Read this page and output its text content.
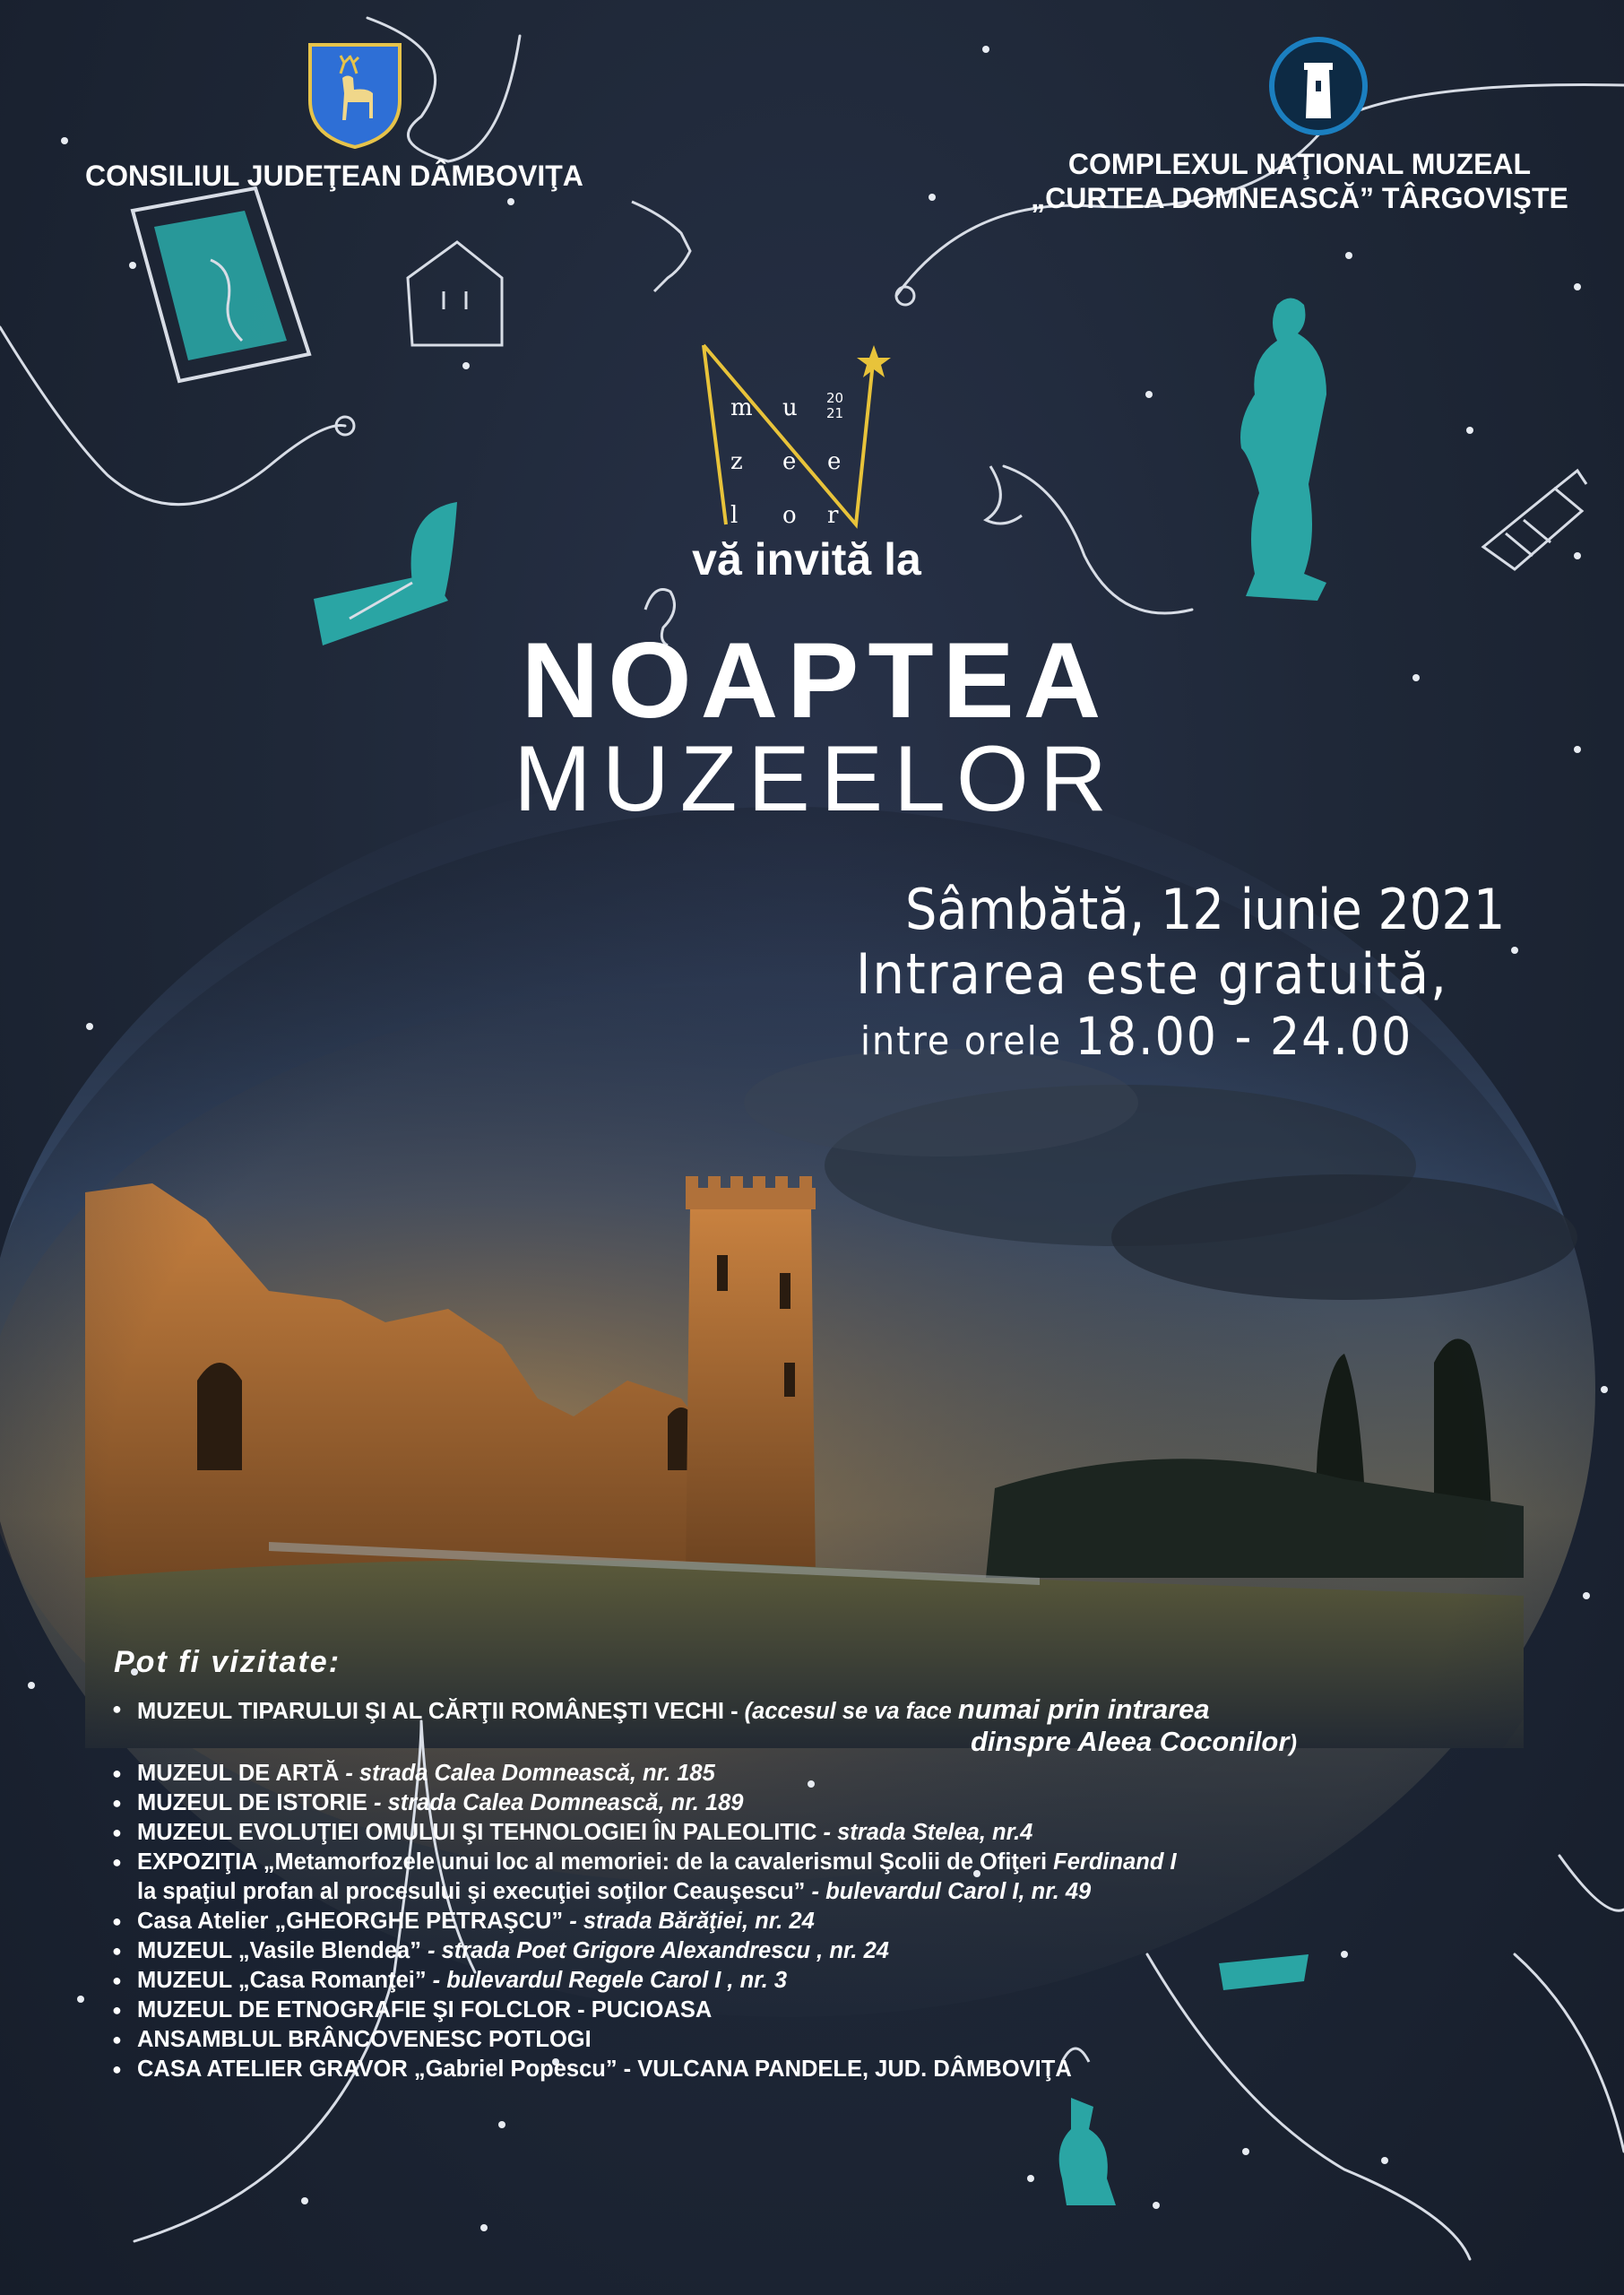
CONSILIUL JUDEŢEAN DÂMBOVIŢA	COMPLEXUL NAŢIONAL MUZEAL
„CURTEA DOMNEASCĂ” TÂRGOVIŞTE
m u
z e e
l o r
20
21
vă invită la
NOAPTEA
MUZEELOR
Sâmbătă, 12 iunie 2021
Intrarea este gratuită,
intre orele 18.00 - 24.00
Pot fi vizitate:
● MUZEUL TIPARULUI ŞI AL CĂRŢII ROMÂNEŞTI VECHI - (accesul se va face numai prin intrarea
dinspre Aleea Coconilor)
● MUZEUL DE ARTĂ - strada Calea Domnească, nr. 185
● MUZEUL DE ISTORIE - strada Calea Domnească, nr. 189
● MUZEUL EVOLUŢIEI OMULUI ŞI TEHNOLOGIEI ÎN PALEOLITIC - strada Stelea, nr.4
● EXPOZIŢIA „Metamorfozele unui loc al memoriei: de la cavalerismul Şcolii de Ofiţeri Ferdinand I
la spaţiul profan al procesului şi execuţiei soţilor Ceauşescu” - bulevardul Carol I, nr. 49
● Casa Atelier „GHEORGHE PETRAŞCU” - strada Bărăţiei, nr. 24
● MUZEUL „Vasile Blendea” - strada Poet Grigore Alexandrescu , nr. 24
● MUZEUL „Casa Romanţei” - bulevardul Regele Carol I , nr. 3
● MUZEUL DE ETNOGRAFIE ŞI FOLCLOR - PUCIOASA
● ANSAMBLUL BRÂNCOVENESC POTLOGI
● CASA ATELIER GRAVOR „Gabriel Popescu” - VULCANA PANDELE, JUD. DÂMBOVIŢA
